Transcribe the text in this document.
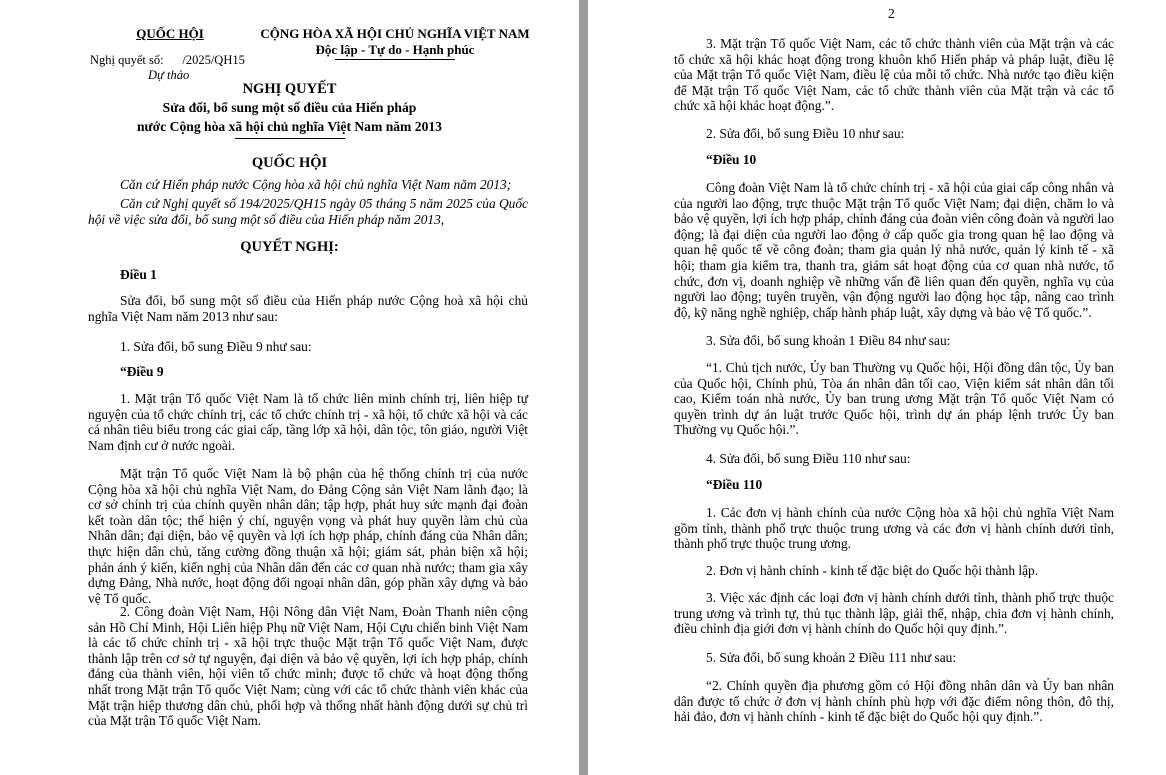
QUỐC HỘI	CỘNG HÒA XÃ HỘI CHỦ NGHĨA VIỆT NAM
Độc lập - Tự do - Hạnh phúc
Nghị quyết số:      /2025/QH15
Dự thảo
NGHỊ QUYẾT
Sửa đổi, bổ sung một số điều của Hiến pháp
nước Cộng hòa xã hội chủ nghĩa Việt Nam năm 2013
QUỐC HỘI
Căn cứ Hiến pháp nước Cộng hòa xã hội chủ nghĩa Việt Nam năm 2013;
Căn cứ Nghị quyết số 194/2025/QH15 ngày 05 tháng 5 năm 2025 của Quốc hội về việc sửa đổi, bổ sung một số điều của Hiến pháp năm 2013,
QUYẾT NGHỊ:
Điều 1
Sửa đổi, bổ sung một số điều của Hiến pháp nước Cộng hoà xã hội chủ nghĩa Việt Nam năm 2013 như sau:
1. Sửa đổi, bổ sung Điều 9 như sau:
“Điều 9
1. Mặt trận Tổ quốc Việt Nam là tổ chức liên minh chính trị, liên hiệp tự nguyện của tổ chức chính trị, các tổ chức chính trị - xã hội, tổ chức xã hội và các cá nhân tiêu biểu trong các giai cấp, tầng lớp xã hội, dân tộc, tôn giáo, người Việt Nam định cư ở nước ngoài.
Mặt trận Tổ quốc Việt Nam là bộ phận của hệ thống chính trị của nước Cộng hòa xã hội chủ nghĩa Việt Nam, do Đảng Cộng sản Việt Nam lãnh đạo; là cơ sở chính trị của chính quyền nhân dân; tập hợp, phát huy sức mạnh đại đoàn kết toàn dân tộc; thể hiện ý chí, nguyện vọng và phát huy quyền làm chủ của Nhân dân; đại diện, bảo vệ quyền và lợi ích hợp pháp, chính đáng của Nhân dân; thực hiện dân chủ, tăng cường đồng thuận xã hội; giám sát, phản biện xã hội; phản ánh ý kiến, kiến nghị của Nhân dân đến các cơ quan nhà nước; tham gia xây dựng Đảng, Nhà nước, hoạt động đối ngoại nhân dân, góp phần xây dựng và bảo vệ Tổ quốc.
2. Công đoàn Việt Nam, Hội Nông dân Việt Nam, Đoàn Thanh niên cộng sản Hồ Chí Minh, Hội Liên hiệp Phụ nữ Việt Nam, Hội Cựu chiến binh Việt Nam là các tổ chức chính trị - xã hội trực thuộc Mặt trận Tổ quốc Việt Nam, được thành lập trên cơ sở tự nguyện, đại diện và bảo vệ quyền, lợi ích hợp pháp, chính đáng của thành viên, hội viên tổ chức mình; được tổ chức và hoạt động thống nhất trong Mặt trận Tổ quốc Việt Nam; cùng với các tổ chức thành viên khác của Mặt trận hiệp thương dân chủ, phối hợp và thống nhất hành động dưới sự chủ trì của Mặt trận Tổ quốc Việt Nam.
2
3. Mặt trận Tổ quốc Việt Nam, các tổ chức thành viên của Mặt trận và các tổ chức xã hội khác hoạt động trong khuôn khổ Hiến pháp và pháp luật, điều lệ của Mặt trận Tổ quốc Việt Nam, điều lệ của mỗi tổ chức. Nhà nước tạo điều kiện để Mặt trận Tổ quốc Việt Nam, các tổ chức thành viên của Mặt trận và các tổ chức xã hội khác hoạt động.”.
2. Sửa đổi, bổ sung Điều 10 như sau:
“Điều 10
Công đoàn Việt Nam là tổ chức chính trị - xã hội của giai cấp công nhân và của người lao động, trực thuộc Mặt trận Tổ quốc Việt Nam; đại diện, chăm lo và bảo vệ quyền, lợi ích hợp pháp, chính đáng của đoàn viên công đoàn và người lao động; là đại diện của người lao động ở cấp quốc gia trong quan hệ lao động và quan hệ quốc tế về công đoàn; tham gia quản lý nhà nước, quản lý kinh tế - xã hội; tham gia kiểm tra, thanh tra, giám sát hoạt động của cơ quan nhà nước, tổ chức, đơn vị, doanh nghiệp về những vấn đề liên quan đến quyền, nghĩa vụ của người lao động; tuyên truyền, vận động người lao động học tập, nâng cao trình độ, kỹ năng nghề nghiệp, chấp hành pháp luật, xây dựng và bảo vệ Tổ quốc.”.
3. Sửa đổi, bổ sung khoản 1 Điều 84 như sau:
“1. Chủ tịch nước, Ủy ban Thường vụ Quốc hội, Hội đồng dân tộc, Ủy ban của Quốc hội, Chính phủ, Tòa án nhân dân tối cao, Viện kiểm sát nhân dân tối cao, Kiểm toán nhà nước, Ủy ban trung ương Mặt trận Tổ quốc Việt Nam có quyền trình dự án luật trước Quốc hội, trình dự án pháp lệnh trước Ủy ban Thường vụ Quốc hội.”.
4. Sửa đổi, bổ sung Điều 110 như sau:
“Điều 110
1. Các đơn vị hành chính của nước Cộng hòa xã hội chủ nghĩa Việt Nam gồm tỉnh, thành phố trực thuộc trung ương và các đơn vị hành chính dưới tỉnh, thành phố trực thuộc trung ương.
2. Đơn vị hành chính - kinh tế đặc biệt do Quốc hội thành lập.
3. Việc xác định các loại đơn vị hành chính dưới tỉnh, thành phố trực thuộc trung ương và trình tự, thủ tục thành lập, giải thể, nhập, chia đơn vị hành chính, điều chỉnh địa giới đơn vị hành chính do Quốc hội quy định.”.
5. Sửa đổi, bổ sung khoản 2 Điều 111 như sau:
“2. Chính quyền địa phương gồm có Hội đồng nhân dân và Ủy ban nhân dân được tổ chức ở đơn vị hành chính phù hợp với đặc điểm nông thôn, đô thị, hải đảo, đơn vị hành chính - kinh tế đặc biệt do Quốc hội quy định.”.
